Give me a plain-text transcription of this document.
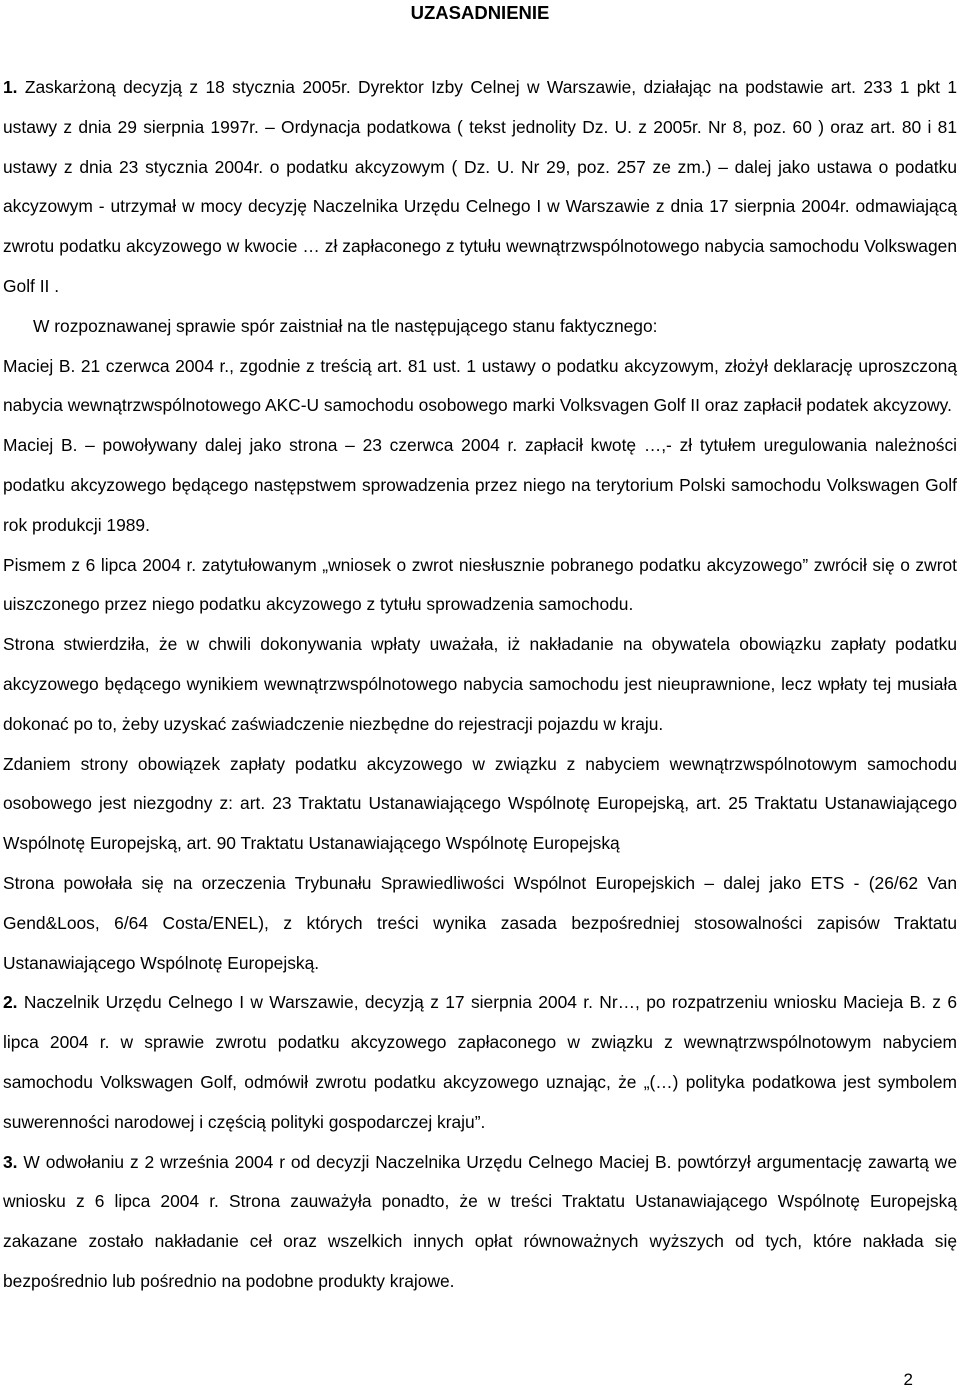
UZASADNIENIE

1. Zaskarżoną decyzją z 18 stycznia 2005r. Dyrektor Izby Celnej w Warszawie, działając na podstawie art. 233 1 pkt 1 ustawy z dnia 29 sierpnia 1997r. – Ordynacja podatkowa ( tekst jednolity Dz. U. z 2005r. Nr 8, poz. 60 ) oraz art. 80 i 81 ustawy z dnia 23 stycznia 2004r. o podatku akcyzowym ( Dz. U. Nr 29, poz. 257 ze zm.) – dalej jako ustawa o podatku akcyzowym - utrzymał w mocy decyzję Naczelnika Urzędu Celnego I w Warszawie z dnia 17 sierpnia 2004r. odmawiającą zwrotu podatku akcyzowego w kwocie … zł zapłaconego z tytułu wewnątrzwspólnotowego nabycia samochodu Volkswagen Golf II .

W rozpoznawanej sprawie spór zaistniał na tle następującego stanu faktycznego:

Maciej B. 21 czerwca 2004 r., zgodnie z treścią art. 81 ust. 1 ustawy o podatku akcyzowym, złożył deklarację uproszczoną nabycia wewnątrzwspólnotowego AKC-U samochodu osobowego marki Volksvagen Golf II oraz zapłacił podatek akcyzowy.

Maciej B. – powoływany dalej jako strona – 23 czerwca 2004 r. zapłacił kwotę …,- zł tytułem uregulowania należności podatku akcyzowego będącego następstwem sprowadzenia przez niego na terytorium Polski samochodu Volkswagen Golf rok produkcji 1989.

Pismem z 6 lipca 2004 r. zatytułowanym „wniosek o zwrot niesłusznie pobranego podatku akcyzowego” zwrócił się o zwrot uiszczonego przez niego podatku akcyzowego z tytułu sprowadzenia samochodu.

Strona stwierdziła, że w chwili dokonywania wpłaty uważała, iż nakładanie na obywatela obowiązku zapłaty podatku akcyzowego będącego wynikiem wewnątrzwspólnotowego nabycia samochodu jest nieuprawnione, lecz wpłaty tej musiała dokonać po to, żeby uzyskać zaświadczenie niezbędne do rejestracji pojazdu w kraju.

Zdaniem strony obowiązek zapłaty podatku akcyzowego w związku z nabyciem wewnątrzwspólnotowym samochodu osobowego jest niezgodny z: art. 23 Traktatu Ustanawiającego Wspólnotę Europejską, art. 25 Traktatu Ustanawiającego Wspólnotę Europejską, art. 90 Traktatu Ustanawiającego Wspólnotę Europejską

Strona powołała się na orzeczenia Trybunału Sprawiedliwości Wspólnot Europejskich – dalej jako ETS - (26/62 Van Gend&Loos, 6/64 Costa/ENEL), z których treści wynika zasada bezpośredniej stosowalności zapisów Traktatu Ustanawiającego Wspólnotę Europejską.

2. Naczelnik Urzędu Celnego I w Warszawie, decyzją z 17 sierpnia 2004 r. Nr…, po rozpatrzeniu wniosku Macieja B. z 6 lipca 2004 r. w sprawie zwrotu podatku akcyzowego zapłaconego w związku z wewnątrzwspólnotowym nabyciem samochodu Volkswagen Golf, odmówił zwrotu podatku akcyzowego uznając, że „(…) polityka podatkowa jest symbolem suwerenności narodowej i częścią polityki gospodarczej kraju”.

3. W odwołaniu z 2 września 2004 r od decyzji Naczelnika Urzędu Celnego Maciej B. powtórzył argumentację zawartą we wniosku z 6 lipca 2004 r. Strona zauważyła ponadto, że w treści Traktatu Ustanawiającego Wspólnotę Europejską zakazane zostało nakładanie ceł oraz wszelkich innych opłat równoważnych wyższych od tych, które nakłada się bezpośrednio lub pośrednio na podobne produkty krajowe.

2
